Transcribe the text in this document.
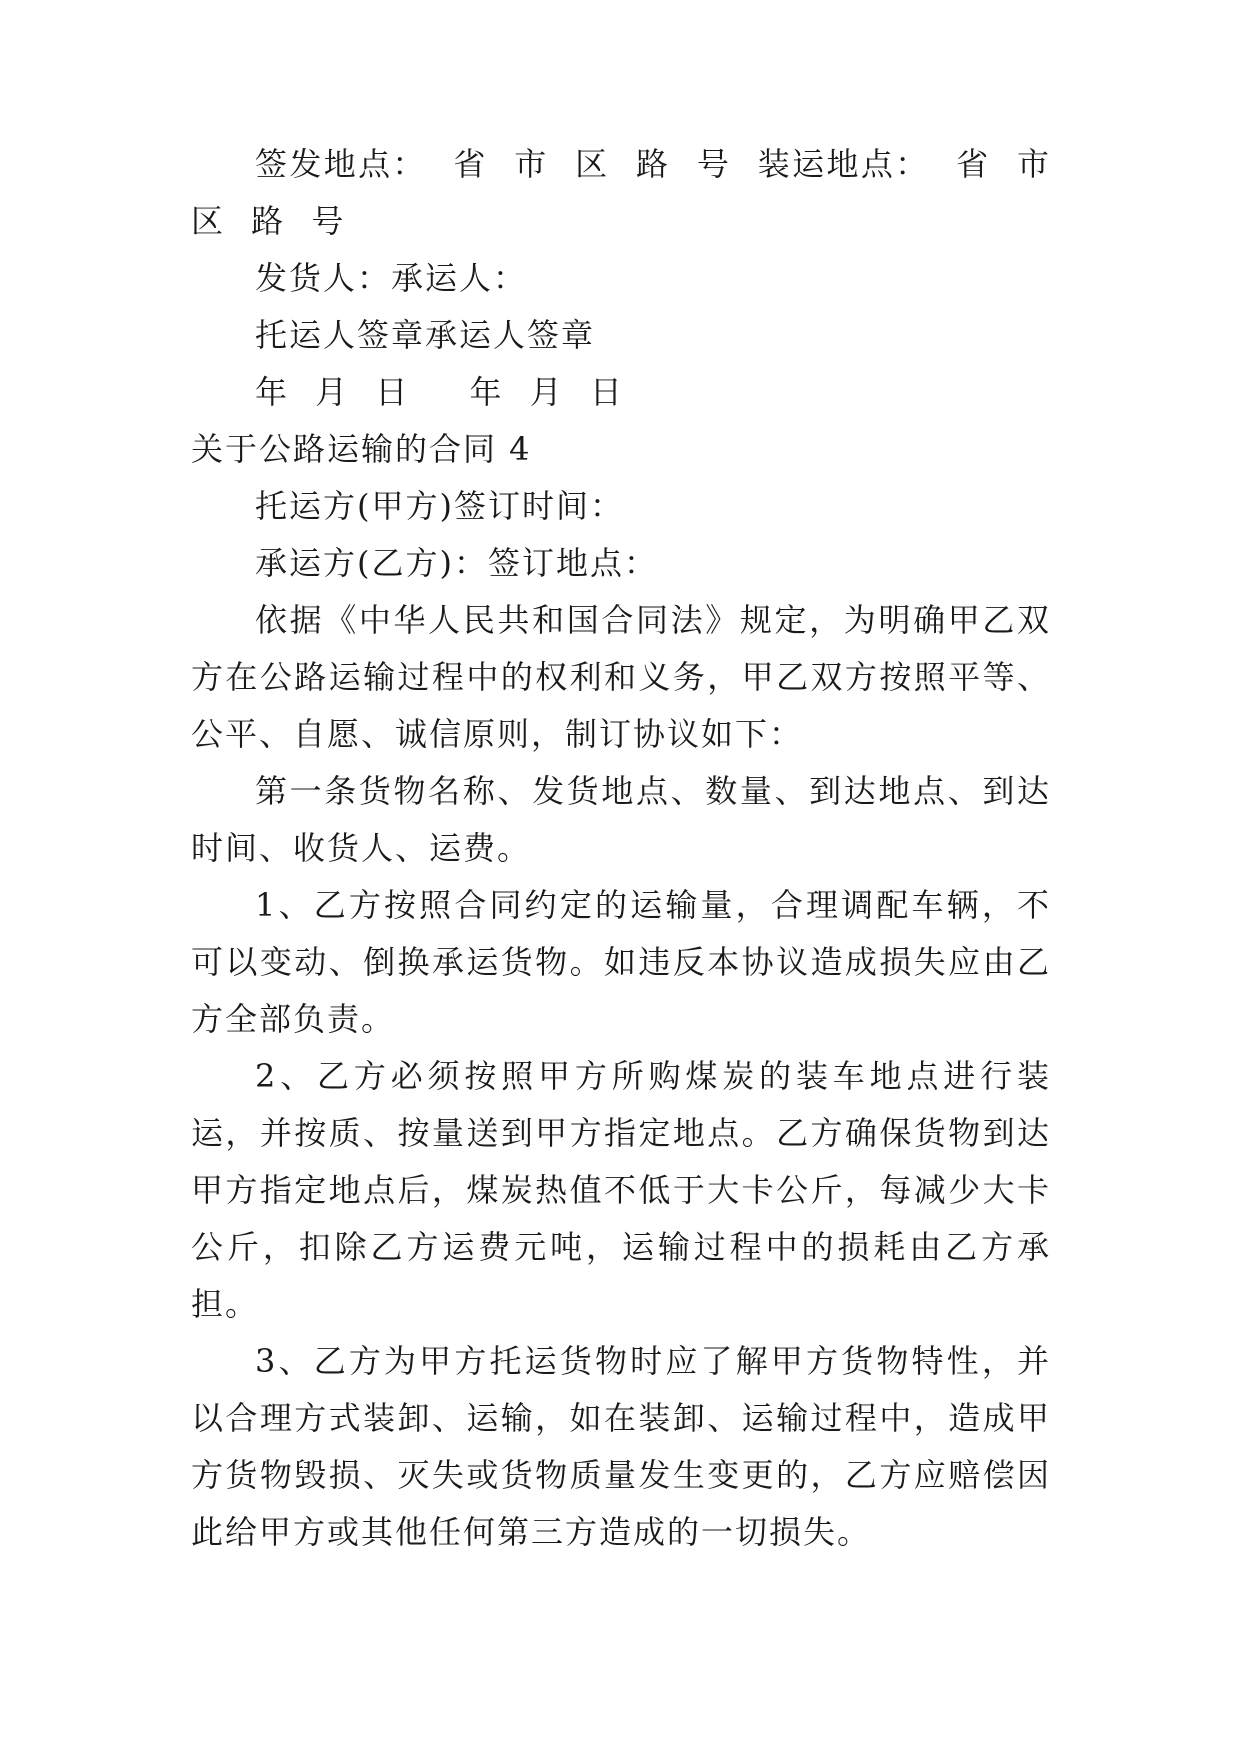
签发地点： 省 市 区 路 号 装运地点： 省 市 区 路 号

发货人：承运人：

托运人签章承运人签章

年 月 日　 年 月 日

关于公路运输的合同 4

托运方(甲方)签订时间：

承运方(乙方)：签订地点：

依据《中华人民共和国合同法》规定，为明确甲乙双方在公路运输过程中的权利和义务，甲乙双方按照平等、公平、自愿、诚信原则，制订协议如下：

第一条货物名称、发货地点、数量、到达地点、到达时间、收货人、运费。

1、乙方按照合同约定的运输量，合理调配车辆，不可以变动、倒换承运货物。如违反本协议造成损失应由乙方全部负责。

2、乙方必须按照甲方所购煤炭的装车地点进行装运，并按质、按量送到甲方指定地点。乙方确保货物到达甲方指定地点后，煤炭热值不低于大卡公斤，每减少大卡公斤，扣除乙方运费元吨，运输过程中的损耗由乙方承担。

3、乙方为甲方托运货物时应了解甲方货物特性，并以合理方式装卸、运输，如在装卸、运输过程中，造成甲方货物毁损、灭失或货物质量发生变更的，乙方应赔偿因此给甲方或其他任何第三方造成的一切损失。
